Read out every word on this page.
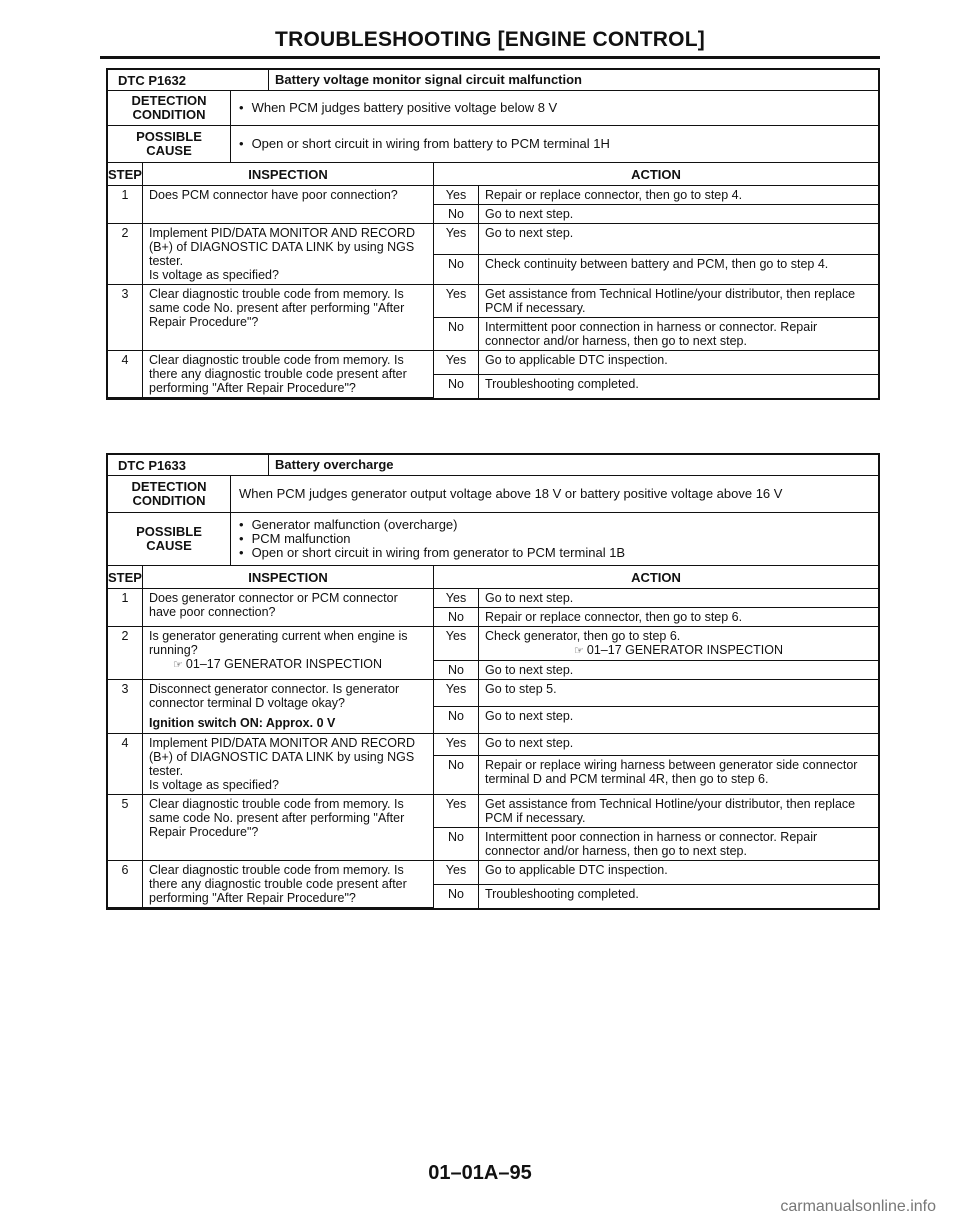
TROUBLESHOOTING [ENGINE CONTROL]
DTC P1632	Battery voltage monitor signal circuit malfunction
DETECTION
CONDITION	• When PCM judges battery positive voltage below 8 V
POSSIBLE
CAUSE	• Open or short circuit in wiring from battery to PCM terminal 1H
STEP	INSPECTION	ACTION	
1	Does PCM connector have poor connection?	Yes	Repair or replace connector, then go to step 4.
		No	Go to next step.
2	Implement PID/DATA MONITOR AND RECORD (B+) of DIAGNOSTIC DATA LINK by using NGS tester.
Is voltage as specified?	Yes	Go to next step.
		No	Check continuity between battery and PCM, then go to step 4.
3	Clear diagnostic trouble code from memory. Is same code No. present after performing "After Repair Procedure"?	Yes	Get assistance from Technical Hotline/your distributor, then replace PCM if necessary.
		No	Intermittent poor connection in harness or connector. Repair connector and/or harness, then go to next step.
4	Clear diagnostic trouble code from memory. Is there any diagnostic trouble code present after performing "After Repair Procedure"?	Yes	Go to applicable DTC inspection.
		No	Troubleshooting completed.
DTC P1633	Battery overcharge
DETECTION
CONDITION	When PCM judges generator output voltage above 18 V or battery positive voltage above 16 V
POSSIBLE
CAUSE
• Generator malfunction (overcharge)
• PCM malfunction
• Open or short circuit in wiring from generator to PCM terminal 1B
STEP	INSPECTION	ACTION	
1	Does generator connector or PCM connector have poor connection?	Yes	Go to next step.
		No	Repair or replace connector, then go to step 6.
2	Is generator generating current when engine is running?
☞ 01–17 GENERATOR INSPECTION	Yes	Check generator, then go to step 6.
☞ 01–17 GENERATOR INSPECTION

		No	Go to next step.
3	Disconnect generator connector. Is generator connector terminal D voltage okay?
Ignition switch ON: Approx. 0 V	Yes	Go to step 5.
		No	Go to next step.
4	Implement PID/DATA MONITOR AND RECORD (B+) of DIAGNOSTIC DATA LINK by using NGS tester.
Is voltage as specified?	Yes	Go to next step.
		No	Repair or replace wiring harness between generator side connector terminal D and PCM terminal 4R, then go to step 6.
5	Clear diagnostic trouble code from memory. Is same code No. present after performing "After Repair Procedure"?	Yes	Get assistance from Technical Hotline/your distributor, then replace PCM if necessary.
		No	Intermittent poor connection in harness or connector. Repair connector and/or harness, then go to next step.
6	Clear diagnostic trouble code from memory. Is there any diagnostic trouble code present after performing "After Repair Procedure"?	Yes	Go to applicable DTC inspection.
		No	Troubleshooting completed.
01–01A–95
carmanualsonline.info
